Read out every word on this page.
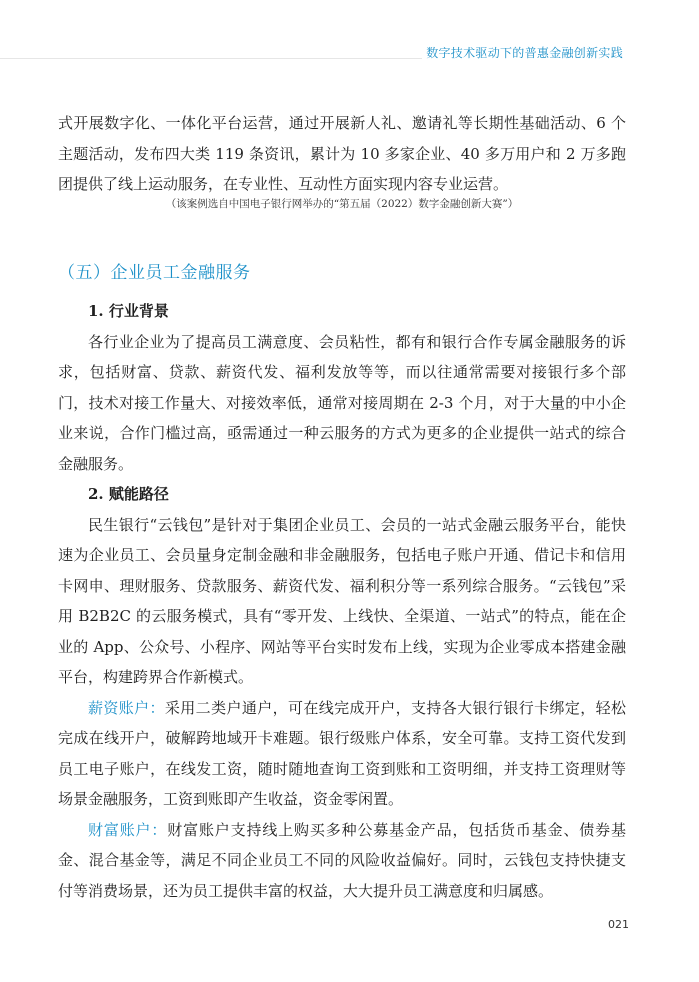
数字技术驱动下的普惠金融创新实践

式开展数字化、一体化平台运营，通过开展新人礼、邀请礼等长期性基础活动、6 个主题活动，发布四大类 119 条资讯，累计为 10 多家企业、40 多万用户和 2 万多跑团提供了线上运动服务，在专业性、互动性方面实现内容专业运营。

（该案例选自中国电子银行网举办的“第五届（2022）数字金融创新大赛”）
（五）企业员工金融服务

1. 行业背景

各行业企业为了提高员工满意度、会员粘性，都有和银行合作专属金融服务的诉求，包括财富、贷款、薪资代发、福利发放等等，而以往通常需要对接银行多个部门，技术对接工作量大、对接效率低，通常对接周期在 2-3 个月，对于大量的中小企业来说，合作门槛过高，亟需通过一种云服务的方式为更多的企业提供一站式的综合金融服务。

2. 赋能路径

民生银行“云钱包”是针对于集团企业员工、会员的一站式金融云服务平台，能快速为企业员工、会员量身定制金融和非金融服务，包括电子账户开通、借记卡和信用卡网申、理财服务、贷款服务、薪资代发、福利积分等一系列综合服务。“云钱包”采用 B2B2C 的云服务模式，具有“零开发、上线快、全渠道、一站式”的特点，能在企业的 App、公众号、小程序、网站等平台实时发布上线，实现为企业零成本搭建金融平台，构建跨界合作新模式。

薪资账户：采用二类户通户，可在线完成开户，支持各大银行银行卡绑定，轻松完成在线开户，破解跨地域开卡难题。银行级账户体系，安全可靠。支持工资代发到员工电子账户，在线发工资，随时随地查询工资到账和工资明细，并支持工资理财等场景金融服务，工资到账即产生收益，资金零闲置。

财富账户：财富账户支持线上购买多种公募基金产品，包括货币基金、债券基金、混合基金等，满足不同企业员工不同的风险收益偏好。同时，云钱包支持快捷支付等消费场景，还为员工提供丰富的权益，大大提升员工满意度和归属感。

021
